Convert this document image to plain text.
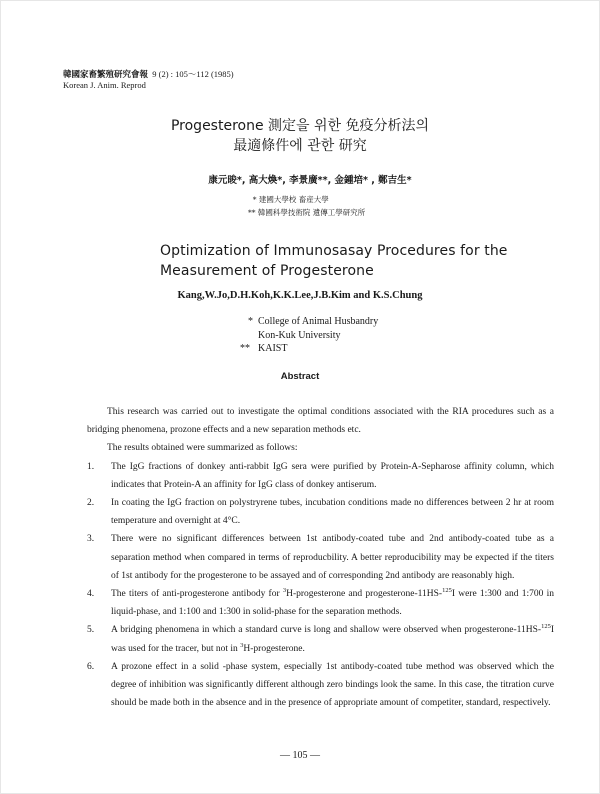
韓國家畜繁殖研究會報 9 (2) : 105～112 (1985)
Korean J. Anim. Reprod
Progesterone 測定을 위한 免疫分析法의
最適條件에 관한 研究
康元晙*, 高大煥*, 李景廣**, 金鍾培* , 鄭吉生*
* 建國大學校 畜産大學
** 韓國科學技術院 遺傳工學研究所
Optimization of Immunosasay Procedures for the
Measurement of Progesterone
Kang,W.Jo,D.H.Koh,K.K.Lee,J.B.Kim and K.S.Chung
* College of Animal Husbandry
Kon-Kuk University
** KAIST
Abstract
This research was carried out to investigate the optimal conditions associated with the RIA procedures such as a bridging phenomena, prozone effects and a new separation methods etc.
The results obtained were summarized as follows:
1. The IgG fractions of donkey anti-rabbit IgG sera were purified by Protein-A-Sepharose affinity column, which indicates that Protein-A an affinity for IgG class of donkey antiserum.
2. In coating the IgG fraction on polystryrene tubes, incubation conditions made no differences between 2 hr at room temperature and overnight at 4°C.
3. There were no significant differences between 1st antibody-coated tube and 2nd antibody-coated tube as a separation method when compared in terms of reproducbility. A better reproducibility may be expected if the titers of 1st antibody for the progesterone to be assayed and of corresponding 2nd antibody are reasonably high.
4. The titers of anti-progesterone antibody for $^3$H-progesterone and progesterone-11HS-$^{125}$I were 1:300 and 1:700 in liquid-phase, and 1:100 and 1:300 in solid-phase for the separation methods.
5. A bridging phenomena in which a standard curve is long and shallow were observed when progesterone-11HS-$^{125}$I was used for the tracer, but not in $^3$H-progesterone.
6. A prozone effect in a solid -phase system, especially 1st antibody-coated tube method was observed which the degree of inhibition was significantly different although zero bindings look the same. In this case, the titration curve should be made both in the absence and in the presence of appropriate amount of competiter, standard, respectively.
— 105 —
